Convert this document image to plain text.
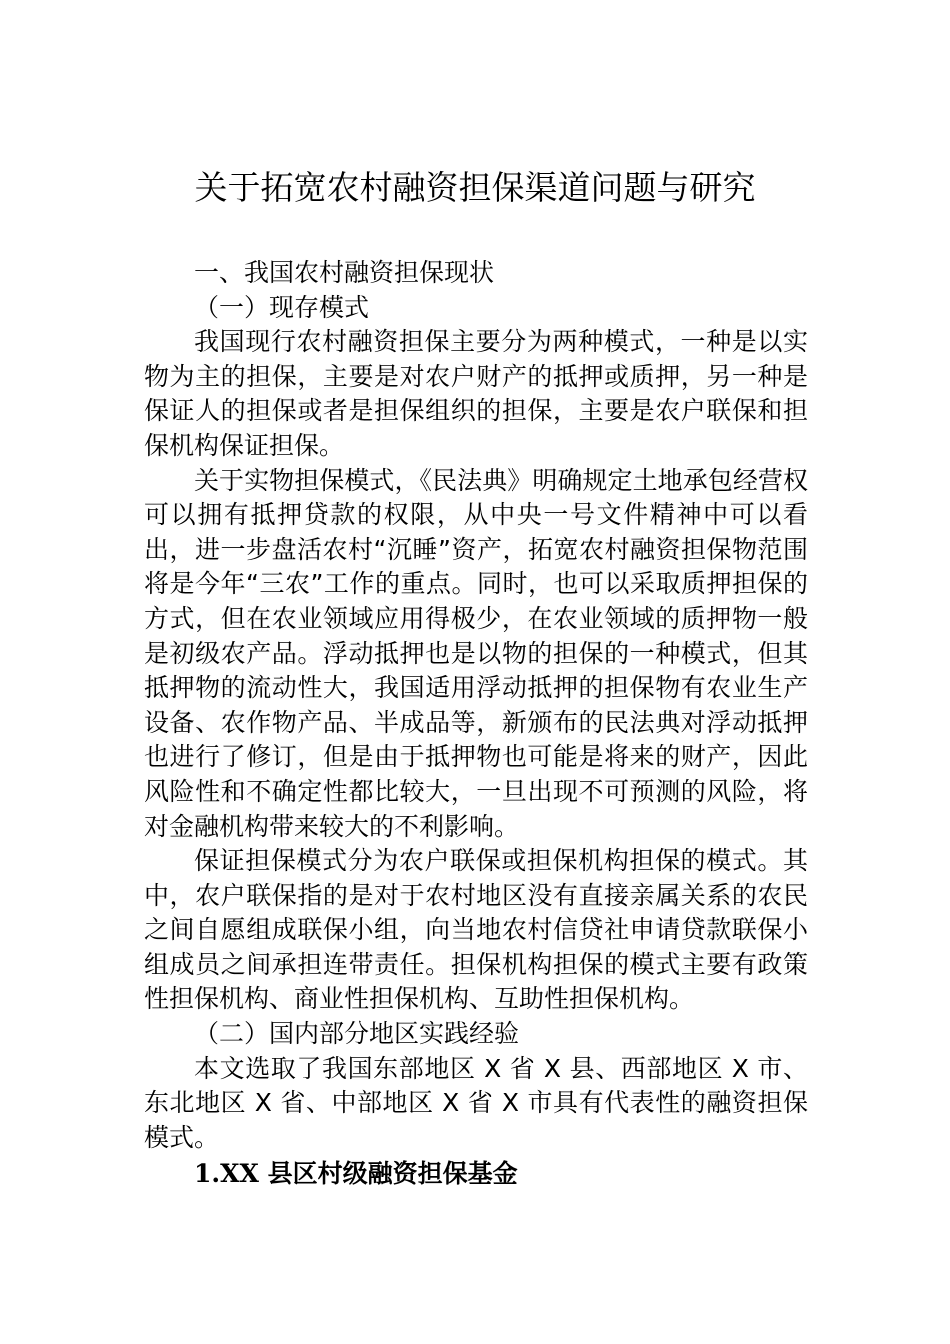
关于拓宽农村融资担保渠道问题与研究

一、我国农村融资担保现状

（一）现存模式

我国现行农村融资担保主要分为两种模式，一种是以实物为主的担保，主要是对农户财产的抵押或质押，另一种是保证人的担保或者是担保组织的担保，主要是农户联保和担保机构保证担保。

关于实物担保模式，《民法典》明确规定土地承包经营权可以拥有抵押贷款的权限，从中央一号文件精神中可以看出，进一步盘活农村“沉睡”资产，拓宽农村融资担保物范围将是今年“三农”工作的重点。同时，也可以采取质押担保的方式，但在农业领域应用得极少，在农业领域的质押物一般是初级农产品。浮动抵押也是以物的担保的一种模式，但其抵押物的流动性大，我国适用浮动抵押的担保物有农业生产设备、农作物产品、半成品等，新颁布的民法典对浮动抵押也进行了修订，但是由于抵押物也可能是将来的财产，因此风险性和不确定性都比较大，一旦出现不可预测的风险，将对金融机构带来较大的不利影响。

保证担保模式分为农户联保或担保机构担保的模式。其中，农户联保指的是对于农村地区没有直接亲属关系的农民之间自愿组成联保小组，向当地农村信贷社申请贷款联保小组成员之间承担连带责任。担保机构担保的模式主要有政策性担保机构、商业性担保机构、互助性担保机构。

（二）国内部分地区实践经验

本文选取了我国东部地区 X 省 X 县、西部地区 X 市、东北地区 X 省、中部地区 X 省 X 市具有代表性的融资担保模式。

1.XX 县区村级融资担保基金
